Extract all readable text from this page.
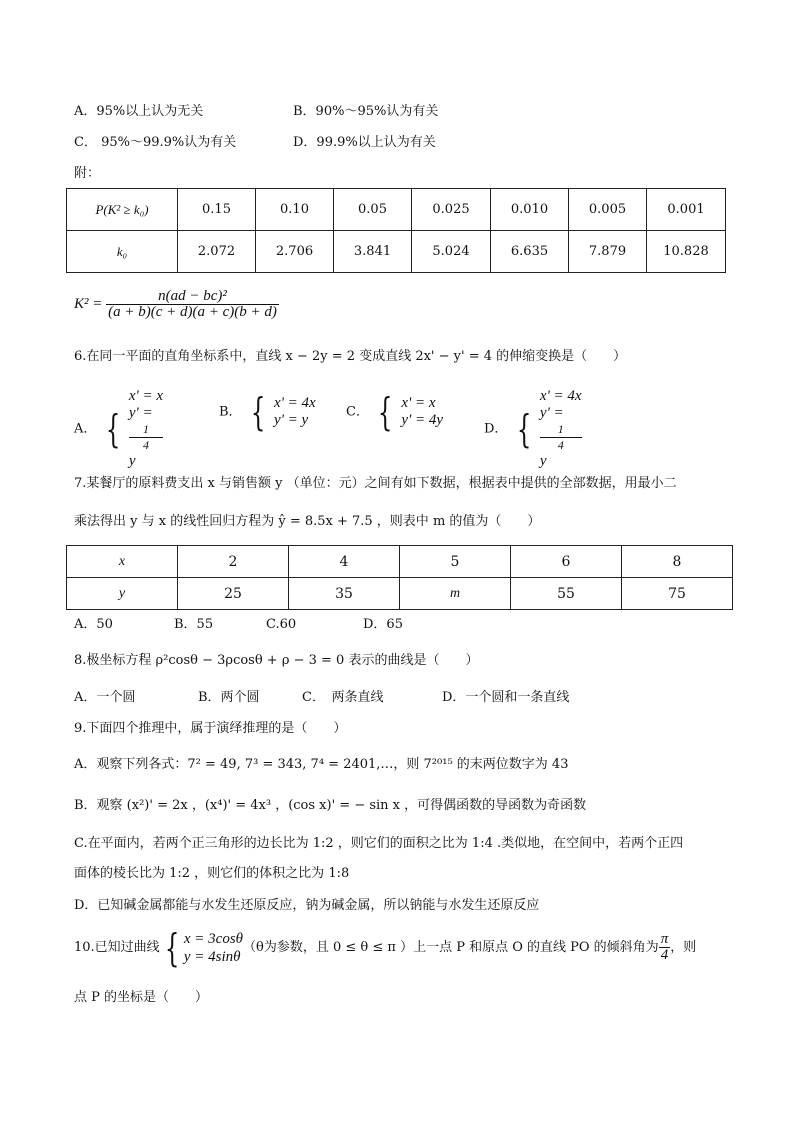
A．95%以上认为无关	B．90%～95%认为有关
C． 95%～99.9%认为有关	D．99.9%以上认为有关
附：
P(K² ≥ k₀)	0.15	0.10	0.05	0.025	0.010	0.005	0.001
k₀	2.072	2.706	3.841	5.024	6.635	7.879	10.828
$K^2 = \frac{\text{n(ad − bc)²}}{(a + b)(c + d)(a + c)(b + d)}$
6.在同一平面的直角坐标系中，直线 x − 2y = 2 变成直线 2x' − y' = 4 的伸缩变换是（　　）
A． {
x' = x
y' =
1
4
y
B． { x' = 4x
y' = y	C． { x' = x
y' = 4y
D． {
x' = 4x
y' =
1
4
y
7.某餐厅的原料费支出 x 与销售额 y （单位：元）之间有如下数据，根据表中提供的全部数据，用最小二
乘法得出 y 与 x 的线性回归方程为 ŷ = 8.5x + 7.5 ，则表中 m 的值为（　　）
x	2	4	5	6	8
y	25	35	m	55	75
A．50	B．55	C.60	D．65
8.极坐标方程 ρ²cosθ − 3ρcosθ + ρ − 3 = 0 表示的曲线是（　　）
A．一个圆	B．两个圆	C．　两条直线	D．一个圆和一条直线
9.下面四个推理中，属于演绎推理的是（　　）
A．观察下列各式：7² = 49, 7³ = 343, 7⁴ = 2401,…，则 7²⁰¹⁵ 的末两位数字为 43
B．观察 (x²)' = 2x ，(x⁴)' = 4x³ ，(cos x)' = − sin x ，可得偶函数的导函数为奇函数
C.在平面内，若两个正三角形的边长比为 1:2 ，则它们的面积之比为 1:4 .类似地，在空间中，若两个正四
面体的棱长比为 1:2 ，则它们的体积之比为 1:8
D．已知碱金属都能与水发生还原反应，钠为碱金属，所以钠能与水发生还原反应
10.已知过曲线 { x = 3cosθ
y = 4sinθ
（θ为参数，且 0 ≤ θ ≤ π ）上一点 P 和原点 O 的直线 PO 的倾斜角为 $\frac{\pi}{4}$ ，则
点 P 的坐标是（　　）
